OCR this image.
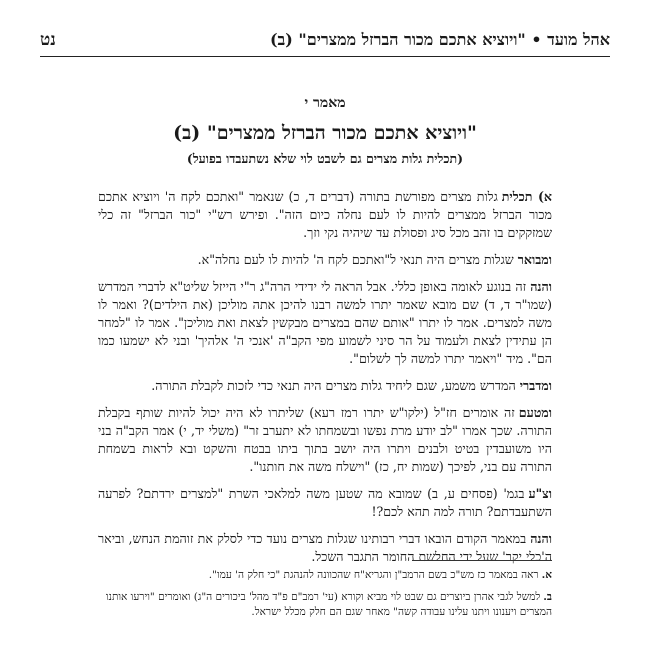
אהל מועד • "ויוציא אתכם מכור הברזל ממצרים" (ב)
נט
מאמר י
"ויוציא אתכם מכור הברזל ממצרים" (ב)
(תכלית גלות מצרים גם לשבט לוי שלא נשתעבדו בפועל)

א) תכליתגלות מצרים מפורשת בתורה (דברים ד, כ) שנאמר "ואתכם לקח ה' ויוציא אתכם מכור הברזל ממצרים להיות לו לעם נחלה כיום הזה". ופירש רש"י "כור הברזל" זה כלי שמזקקים בו זהב מכל סיג ופסולת עד שיהיה נקי וזך.

ומבוארשגלות מצרים היה תנאי ל"ואתכם לקח ה' להיות לו לעם נחלה"א.

והנהזה בנוגע לאומה באופן כללי. אבל הראה לי ידידי הרה"ג ר"י הייזל שליט"א לדברי המדרש (שמו"ר ד, ד) שם מובא שאמר יתרו למשה רבנו להיכן אתה מוליכן (את הילדים)? ואמר לו משה למצרים. אמר לו יתרו "אותם שהם במצרים מבקשין לצאת ואת מוליכן". אמר לו "למחר הן עתידין לצאת ולעמוד על הר סיני לשמוע מפי הקב"ה 'אנכי ה' אלהיך' ובני לא ישמעו כמו הם". מיד "ויאמר יתרו למשה לך לשלום".

ומדבריהמדרש משמע, שגם ליחיד גלות מצרים היה תנאי כדי לזכות לקבלת התורה.

ומטעםזה אומרים חז"ל (ילקו"ש יתרו רמז רעא) שליתרו לא היה יכול להיות שותף בקבלת התורה. שכך אמרו "לב יודע מרת נפשו ובשמחתו לא יתערב זר" (משלי יד, י) אמר הקב"ה בני היו משועבדין בטיט ולבנים ויתרו היה יושב בתוך ביתו בבטח והשקט ובא לראות בשמחת התורה עם בני, לפיכך (שמות יח, כז) "וישלח משה את חותנו".

וצ"עבגמ' (פסחים ע, ב) שמובא מה שטען משה למלאכי השרת "למצרים ירדתם? לפרעה השתעבדתם? תורה למה תהא לכם?!

והנהבמאמר הקודם הובאו דברי רבותינו שגלות מצרים נועד כדי לסלק את זוהמת הנחש, וביאר ה'כלי יקר' שעל ידי החלשת החומר התגבר השכל.

א.ראה במאמר כז מש"כ בשם הרמב"ן והגריא"ח שהכוונה להנהגת "כי חלק ה' עמו".

ב.למשל לגבי אהרן ביוצרים גם שבט לוי מביא וקורא (עי' רמב"ם פ"ד מהל' ביכורים ה"ג) ואומרים "וירעו אותנו המצרים ויענונו ויתנו עלינו עבודה קשה" מאחר שגם הם חלק מכלל ישראל.
